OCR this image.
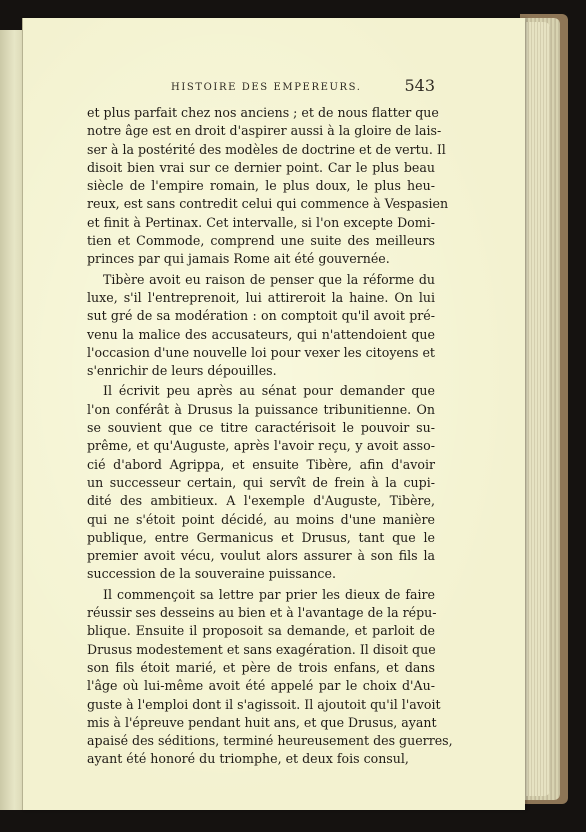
HISTOIRE DES EMPEREURS.	543
et plus parfait chez nos anciens ; et de nous flatter que
notre âge est en droit d'aspirer aussi à la gloire de lais-
ser à la postérité des modèles de doctrine et de vertu. Il
disoit bien vrai sur ce dernier point. Car le plus beau
siècle de l'empire romain, le plus doux, le plus heu-
reux, est sans contredit celui qui commence à Vespasien
et finit à Pertinax. Cet intervalle, si l'on excepte Domi-
tien et Commode, comprend une suite des meilleurs
princes par qui jamais Rome ait été gouvernée.
Tibère avoit eu raison de penser que la réforme du
luxe, s'il l'entreprenoit, lui attireroit la haine. On lui
sut gré de sa modération : on comptoit qu'il avoit pré-
venu la malice des accusateurs, qui n'attendoient que
l'occasion d'une nouvelle loi pour vexer les citoyens et
s'enrichir de leurs dépouilles.
Il écrivit peu après au sénat pour demander que
l'on conférât à Drusus la puissance tribunitienne. On
se souvient que ce titre caractérisoit le pouvoir su-
prême, et qu'Auguste, après l'avoir reçu, y avoit asso-
cié d'abord Agrippa, et ensuite Tibère, afin d'avoir
un successeur certain, qui servît de frein à la cupi-
dité des ambitieux. A l'exemple d'Auguste, Tibère,
qui ne s'étoit point décidé, au moins d'une manière
publique, entre Germanicus et Drusus, tant que le
premier avoit vécu, voulut alors assurer à son fils la
succession de la souveraine puissance.
Il commençoit sa lettre par prier les dieux de faire
réussir ses desseins au bien et à l'avantage de la répu-
blique. Ensuite il proposoit sa demande, et parloit de
Drusus modestement et sans exagération. Il disoit que
son fils étoit marié, et père de trois enfans, et dans
l'âge où lui-même avoit été appelé par le choix d'Au-
guste à l'emploi dont il s'agissoit. Il ajoutoit qu'il l'avoit
mis à l'épreuve pendant huit ans, et que Drusus, ayant
apaisé des séditions, terminé heureusement des guerres,
ayant été honoré du triomphe, et deux fois consul,
